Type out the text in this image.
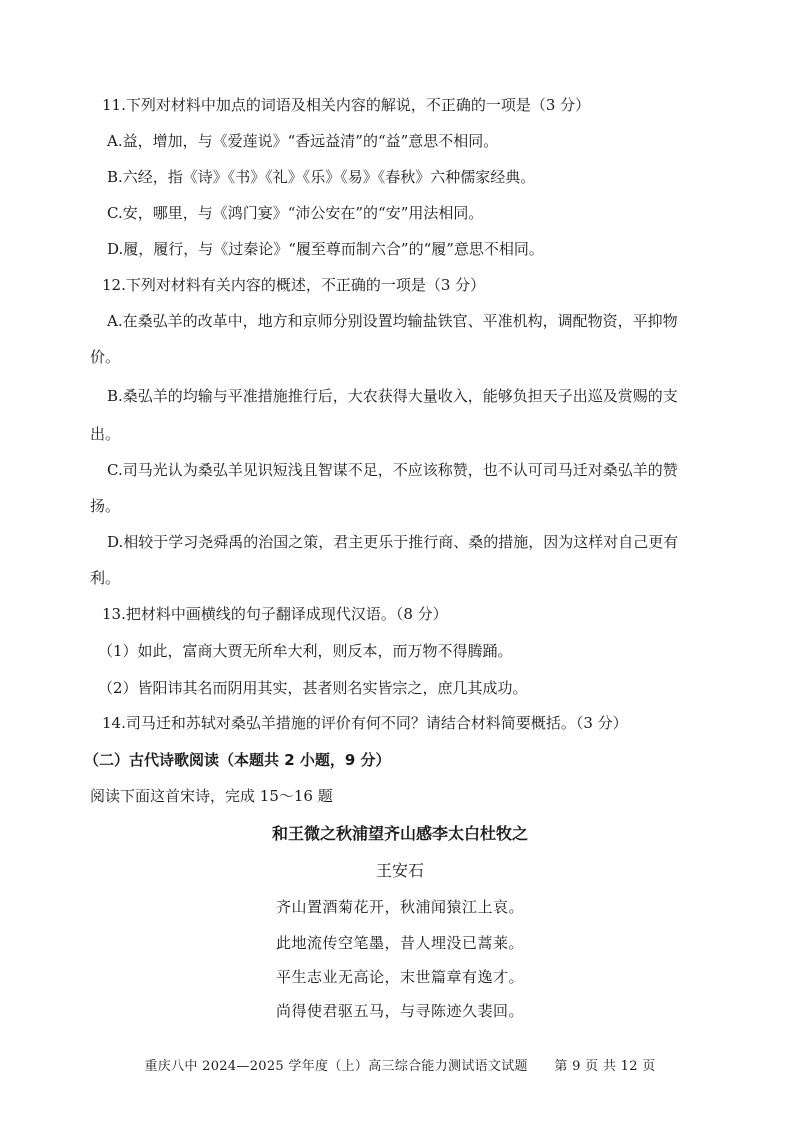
11.下列对材料中加点的词语及相关内容的解说，不正确的一项是（3 分）
A.益，增加，与《爱莲说》“香远益清”的“益”意思不相同。
B.六经，指《诗》《书》《礼》《乐》《易》《春秋》六种儒家经典。
C.安，哪里，与《鸿门宴》“沛公安在”的“安”用法相同。
D.履，履行，与《过秦论》“履至尊而制六合”的“履”意思不相同。
12.下列对材料有关内容的概述，不正确的一项是（3 分）
A.在桑弘羊的改革中，地方和京师分别设置均输盐铁官、平准机构，调配物资，平抑物
价。
B.桑弘羊的均输与平准措施推行后，大农获得大量收入，能够负担天子出巡及赏赐的支
出。
C.司马光认为桑弘羊见识短浅且智谋不足，不应该称赞，也不认可司马迁对桑弘羊的赞
扬。
D.相较于学习尧舜禹的治国之策，君主更乐于推行商、桑的措施，因为这样对自己更有
利。
13.把材料中画横线的句子翻译成现代汉语。（8 分）
（1）如此，富商大贾无所牟大利，则反本，而万物不得腾踊。
（2）皆阳讳其名而阴用其实，甚者则名实皆宗之，庶几其成功。
14.司马迁和苏轼对桑弘羊措施的评价有何不同？请结合材料简要概括。（3 分）
（二）古代诗歌阅读（本题共 2 小题，9 分）
阅读下面这首宋诗，完成 15～16 题
和王微之秋浦望齐山感李太白杜牧之
王安石
齐山置酒菊花开，秋浦闻猿江上哀。
此地流传空笔墨，昔人埋没已蒿莱。
平生志业无高论，末世篇章有逸才。
尚得使君驱五马，与寻陈迹久裴回。
重庆八中 2024—2025 学年度（上）高三综合能力测试语文试题　　第 9 页 共 12 页
